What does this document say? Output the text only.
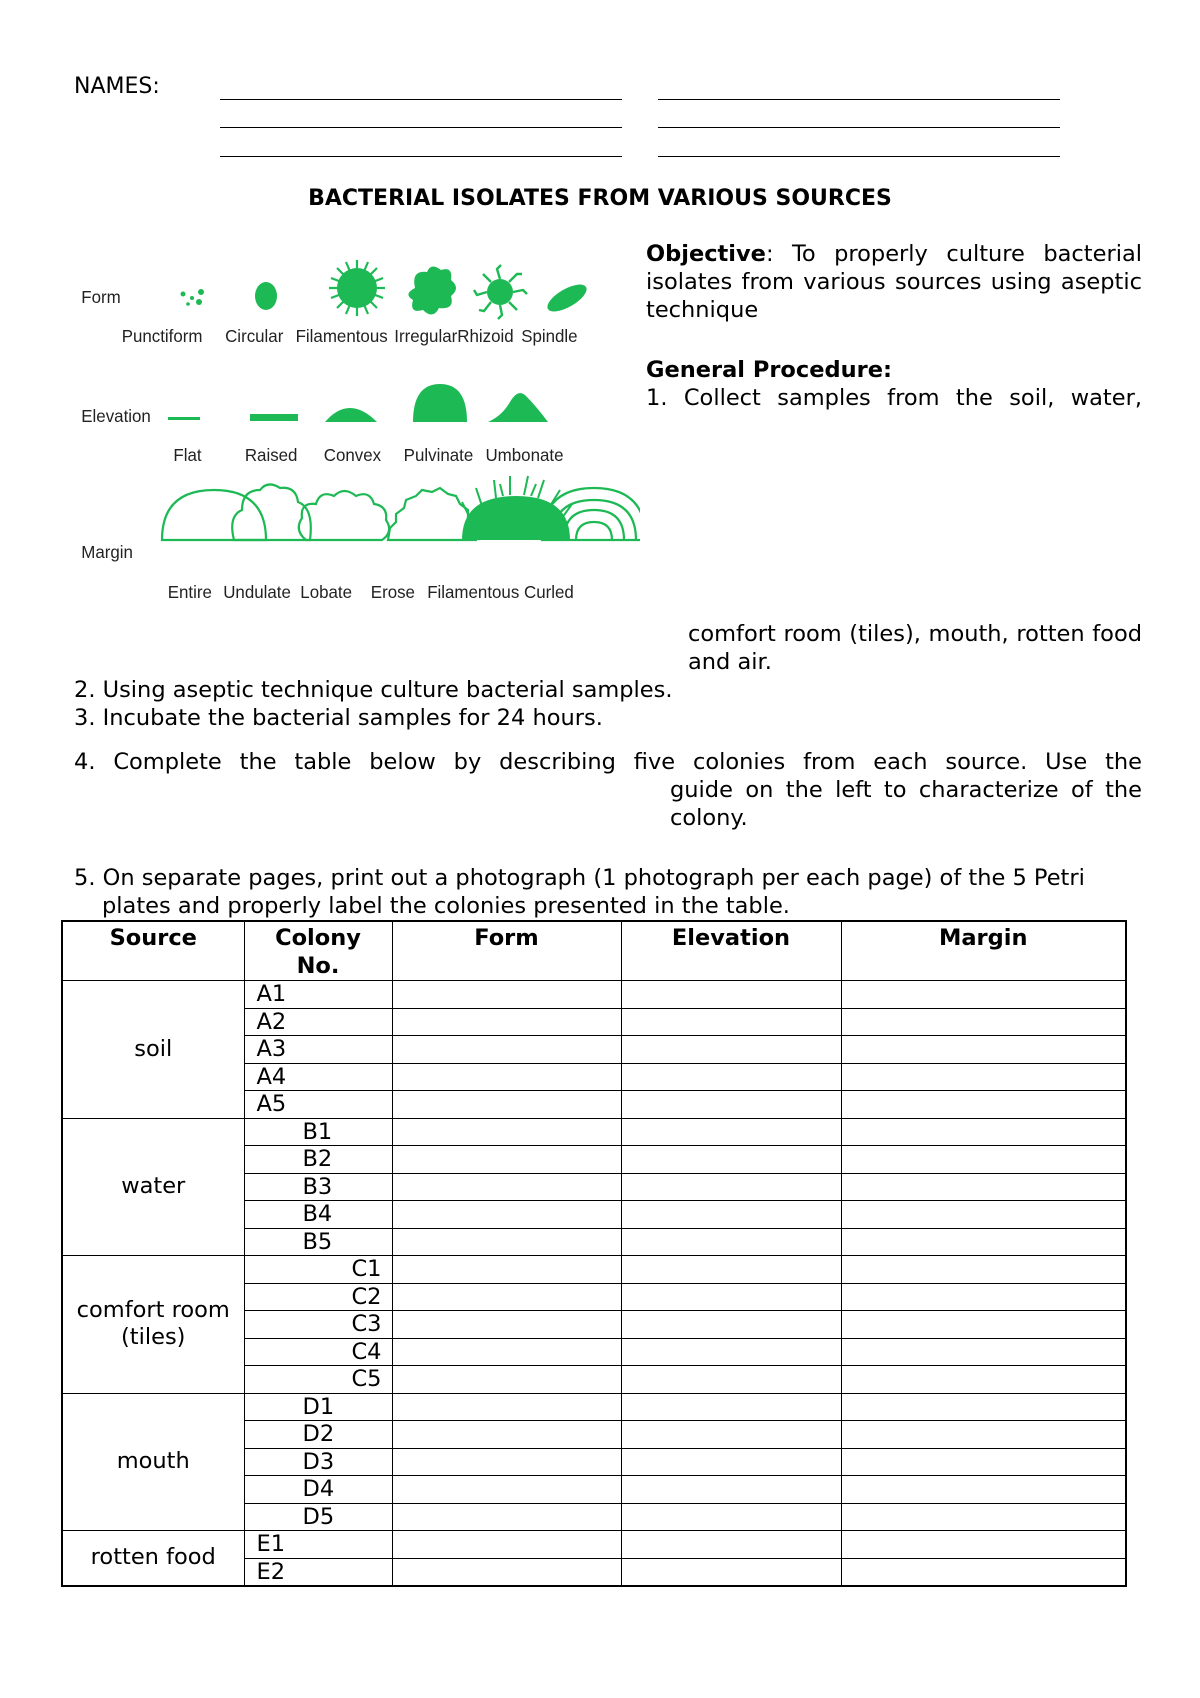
NAMES:
BACTERIAL ISOLATES FROM VARIOUS SOURCES
Form
Elevation
Margin
Punctiform Circular Filamentous Irregular Rhizoid Spindle
Flat Raised Convex Pulvinate Umbonate
Entire Undulate Lobate Erose Filamentous Curled
Objective: To properly culture bacterial isolates from various sources using aseptic technique
General Procedure:
1. Collect samples from the soil, water,
comfort room (tiles), mouth, rotten food and air.
2. Using aseptic technique culture bacterial samples.
3. Incubate the bacterial samples for 24 hours.
4. Complete the table below by describing five colonies from each source. Use the
guide on the left to characterize of the colony.
5. On separate pages, print out a photograph (1 photograph per each page) of the 5 Petri plates and properly label the colonies presented in the table.
Source	Colony No.	Form	Elevation	Margin
soil	A1			
	A2			
	A3			
	A4			
	A5			
water	B1			
	B2			
	B3			
	B4			
	B5			
comfort room (tiles)	C1			
	C2			
	C3			
	C4			
	C5			
mouth	D1			
	D2			
	D3			
	D4			
	D5			
rotten food	E1			
	E2			
